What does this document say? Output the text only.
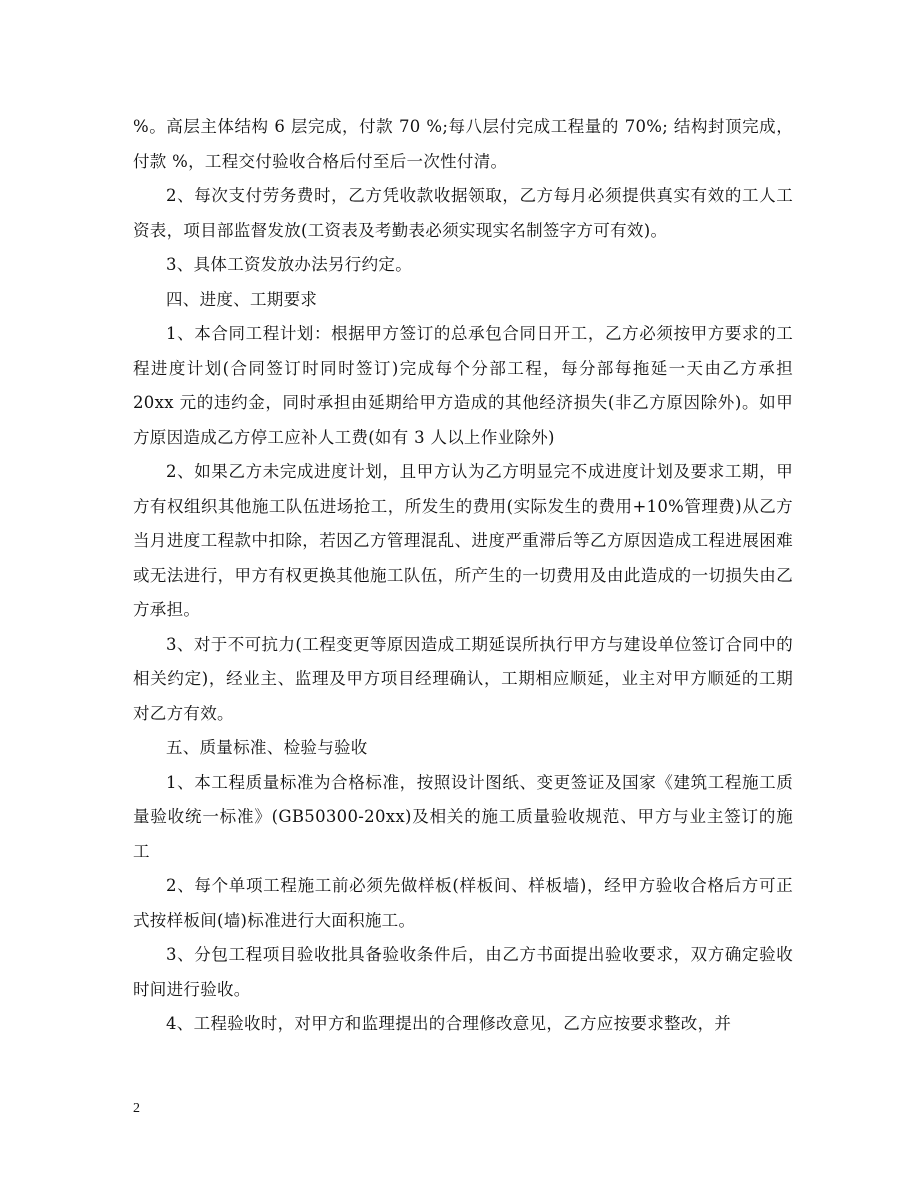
%。高层主体结构 6 层完成，付款 70 %;每八层付完成工程量的 70%; 结构封顶完成，付款 %，工程交付验收合格后付至后一次性付清。

2、每次支付劳务费时，乙方凭收款收据领取，乙方每月必须提供真实有效的工人工资表，项目部监督发放(工资表及考勤表必须实现实名制签字方可有效)。

3、具体工资发放办法另行约定。

四、进度、工期要求

1、本合同工程计划：根据甲方签订的总承包合同日开工，乙方必须按甲方要求的工程进度计划(合同签订时同时签订)完成每个分部工程，每分部每拖延一天由乙方承担 20xx 元的违约金，同时承担由延期给甲方造成的其他经济损失(非乙方原因除外)。如甲方原因造成乙方停工应补人工费(如有 3 人以上作业除外)

2、如果乙方未完成进度计划，且甲方认为乙方明显完不成进度计划及要求工期，甲方有权组织其他施工队伍进场抢工，所发生的费用(实际发生的费用+10%管理费)从乙方当月进度工程款中扣除，若因乙方管理混乱、进度严重滞后等乙方原因造成工程进展困难或无法进行，甲方有权更换其他施工队伍，所产生的一切费用及由此造成的一切损失由乙方承担。

3、对于不可抗力(工程变更等原因造成工期延误所执行甲方与建设单位签订合同中的相关约定)，经业主、监理及甲方项目经理确认，工期相应顺延，业主对甲方顺延的工期对乙方有效。

五、质量标准、检验与验收

1、本工程质量标准为合格标准，按照设计图纸、变更签证及国家《建筑工程施工质量验收统一标准》(GB50300-20xx)及相关的施工质量验收规范、甲方与业主签订的施工

2、每个单项工程施工前必须先做样板(样板间、样板墙)，经甲方验收合格后方可正式按样板间(墙)标准进行大面积施工。

3、分包工程项目验收批具备验收条件后，由乙方书面提出验收要求，双方确定验收时间进行验收。

4、工程验收时，对甲方和监理提出的合理修改意见，乙方应按要求整改，并

2
